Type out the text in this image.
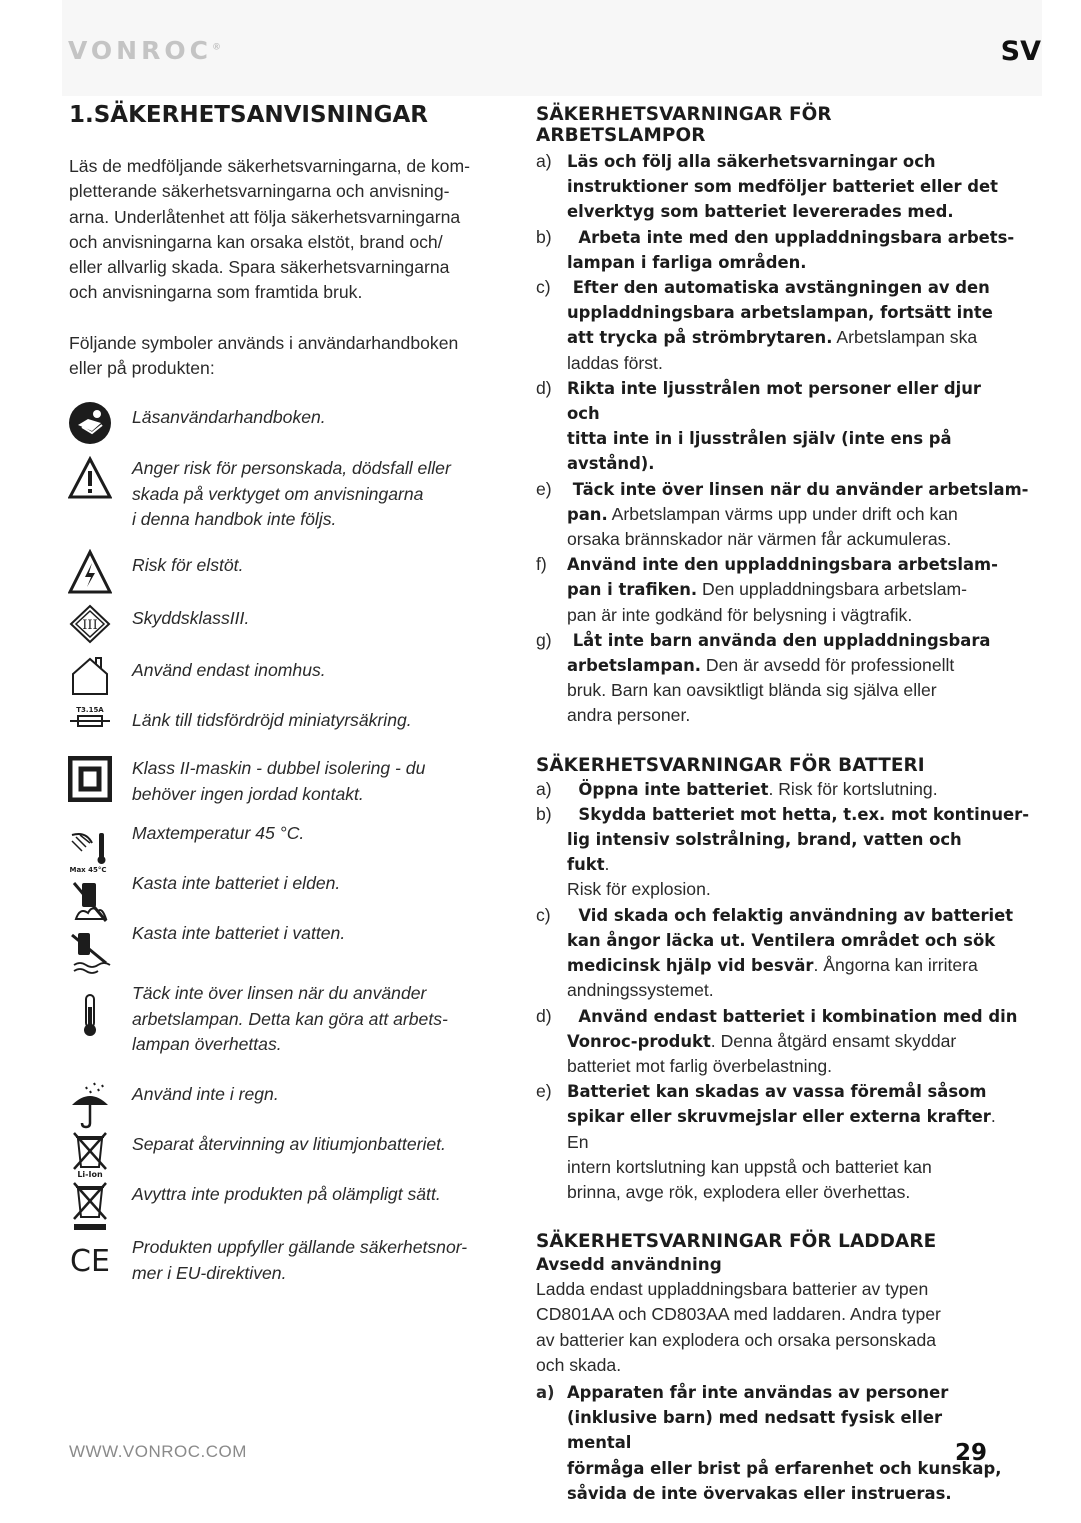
VONROC®	SV
1.SÄKERHETSANVISNINGAR

Läs de medföljande säkerhetsvarningarna, de kom-
pletterande säkerhetsvarningarna och anvisning-
arna. Underlåtenhet att följa säkerhetsvarningarna
och anvisningarna kan orsaka elstöt, brand och/
eller allvarlig skada. Spara säkerhetsvarningarna
och anvisningarna som framtida bruk.

Följande symboler används i användarhandboken
eller på produkten:

Läsanvändarhandboken.
Anger risk för personskada, dödsfall eller
skada på verktyget om anvisningarna
i denna handbok inte följs.
Risk för elstöt.
III SkyddsklassIII.
Använd endast inomhus.
T3.15A Länk till tidsfördröjd miniatyrsäkring.
Klass II-maskin - dubbel isolering - du
behöver ingen jordad kontakt.
Max 45°C
Maxtemperatur 45 °C.
Kasta inte batteriet i elden.
Kasta inte batteriet i vatten.
Täck inte över linsen när du använder
arbetslampan. Detta kan göra att arbets-
lampan överhettas.
Använd inte i regn.
Li-Ion
Separat återvinning av litiumjonbatteriet.
Avyttra inte produkten på olämpligt sätt.
CE Produkten uppfyller gällande säkerhetsnor-
mer i EU-direktiven.
SÄKERHETSVARNINGAR FÖR ARBETSLAMPOR
a) Läs och följ alla säkerhetsvarningar och
instruktioner som medföljer batteriet eller det
elverktyg som batteriet levererades med.
b) Arbeta inte med den uppladdningsbara arbets-
lampan i farliga områden.
c) Efter den automatiska avstängningen av den
uppladdningsbara arbetslampan, fortsätt inte
att trycka på strömbrytaren. Arbetslampan ska
laddas först.
d) Rikta inte ljusstrålen mot personer eller djur och
titta inte in i ljusstrålen själv (inte ens på avstånd).
e) Täck inte över linsen när du använder arbetslam-
pan. Arbetslampan värms upp under drift och kan
orsaka brännskador när värmen får ackumuleras.
f) Använd inte den uppladdningsbara arbetslam-
pan i trafiken. Den uppladdningsbara arbetslam-
pan är inte godkänd för belysning i vägtrafik.
g) Låt inte barn använda den uppladdningsbara
arbetslampan. Den är avsedd för professionellt
bruk. Barn kan oavsiktligt blända sig själva eller
andra personer.
SÄKERHETSVARNINGAR FÖR BATTERI
a) Öppna inte batteriet. Risk för kortslutning.
b) Skydda batteriet mot hetta, t.ex. mot kontinuer-
lig intensiv solstrålning, brand, vatten och fukt.
Risk för explosion.
c) Vid skada och felaktig användning av batteriet
kan ångor läcka ut. Ventilera området och sök
medicinsk hjälp vid besvär. Ångorna kan irritera
andningssystemet.
d) Använd endast batteriet i kombination med din
Vonroc-produkt. Denna åtgärd ensamt skyddar
batteriet mot farlig överbelastning.
e) Batteriet kan skadas av vassa föremål såsom
spikar eller skruvmejslar eller externa krafter. En
intern kortslutning kan uppstå och batteriet kan
brinna, avge rök, explodera eller överhettas.
SÄKERHETSVARNINGAR FÖR LADDARE
Avsedd användning

Ladda endast uppladdningsbara batterier av typen
CD801AA och CD803AA med laddaren. Andra typer
av batterier kan explodera och orsaka personskada
och skada.

a) Apparaten får inte användas av personer
(inklusive barn) med nedsatt fysisk eller mental
förmåga eller brist på erfarenhet och kunskap,
såvida de inte övervakas eller instrueras.
WWW.VONROC.COM	29
